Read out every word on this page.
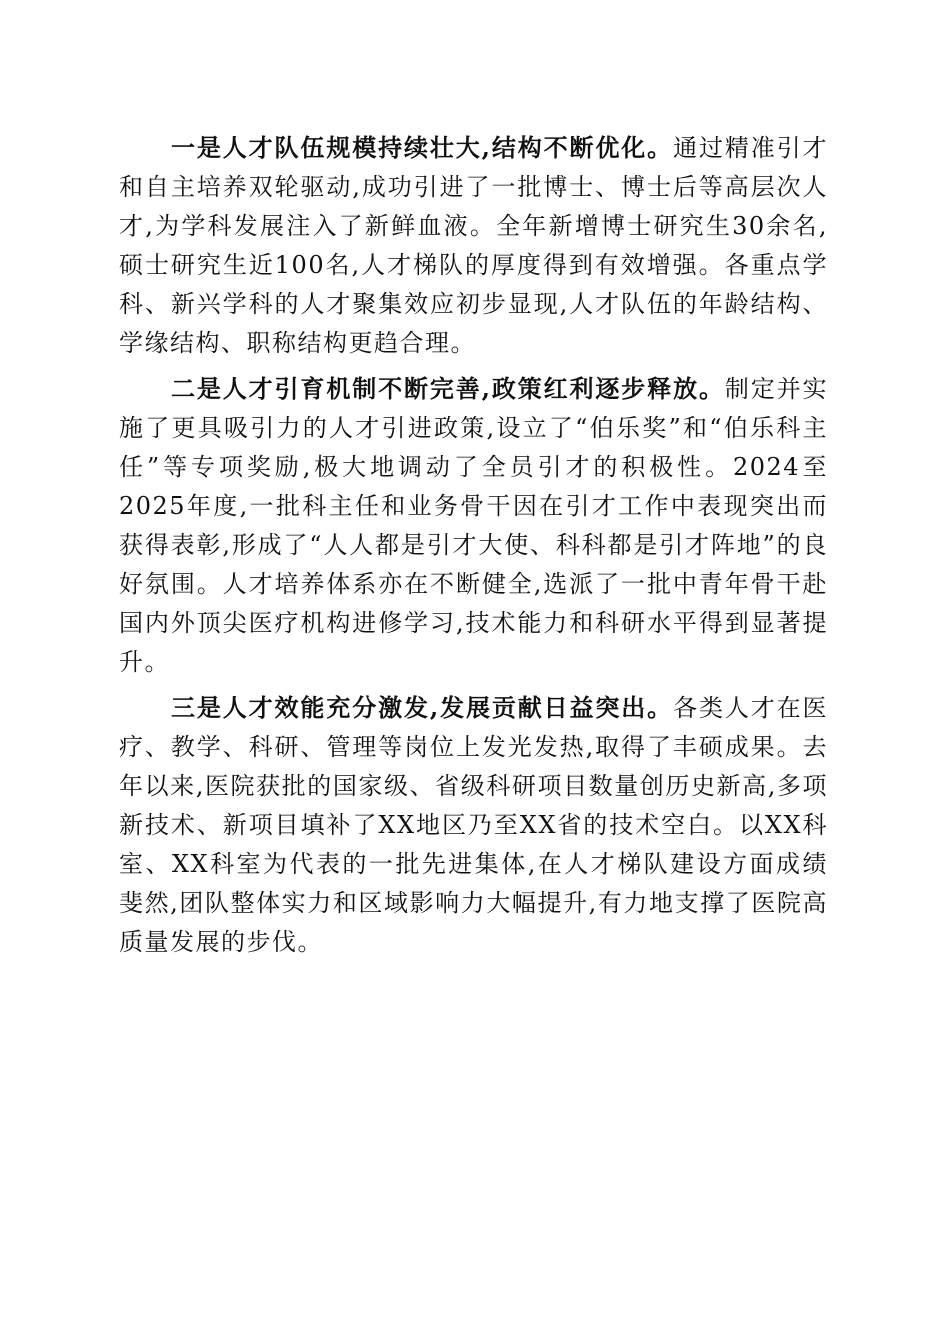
一是人才队伍规模持续壮大,结构不断优化。通过精准引才和自主培养双轮驱动,成功引进了一批博士、博士后等高层次人才,为学科发展注入了新鲜血液。全年新增博士研究生30余名,硕士研究生近100名,人才梯队的厚度得到有效增强。各重点学科、新兴学科的人才聚集效应初步显现,人才队伍的年龄结构、学缘结构、职称结构更趋合理。

二是人才引育机制不断完善,政策红利逐步释放。制定并实施了更具吸引力的人才引进政策,设立了“伯乐奖”和“伯乐科主任”等专项奖励,极大地调动了全员引才的积极性。2024至2025年度,一批科主任和业务骨干因在引才工作中表现突出而获得表彰,形成了“人人都是引才大使、科科都是引才阵地”的良好氛围。人才培养体系亦在不断健全,选派了一批中青年骨干赴国内外顶尖医疗机构进修学习,技术能力和科研水平得到显著提升。

三是人才效能充分激发,发展贡献日益突出。各类人才在医疗、教学、科研、管理等岗位上发光发热,取得了丰硕成果。去年以来,医院获批的国家级、省级科研项目数量创历史新高,多项新技术、新项目填补了XX地区乃至XX省的技术空白。以XX科室、XX科室为代表的一批先进集体,在人才梯队建设方面成绩斐然,团队整体实力和区域影响力大幅提升,有力地支撑了医院高质量发展的步伐。
